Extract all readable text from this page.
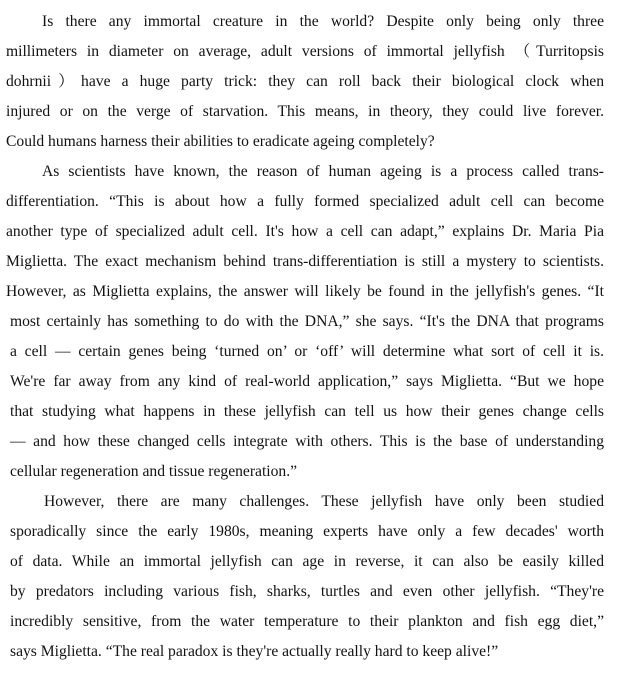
Is there any immortal creature in the world? Despite only being only three
millimeters in diameter on average, adult versions of immortal jellyfish （Turritopsis
dohrnii）have a huge party trick: they can roll back their biological clock when
injured or on the verge of starvation. This means, in theory, they could live forever.
Could humans harness their abilities to eradicate ageing completely?
As scientists have known, the reason of human ageing is a process called trans-
differentiation. “This is about how a fully formed specialized adult cell can become
another type of specialized adult cell. It's how a cell can adapt,” explains Dr. Maria Pia
Miglietta. The exact mechanism behind trans-differentiation is still a mystery to scientists.
However, as Miglietta explains, the answer will likely be found in the jellyfish's genes. “It
most certainly has something to do with the DNA,” she says. “It's the DNA that programs
a cell — certain genes being ‘turned on’ or ‘off’ will determine what sort of cell it is.
We're far away from any kind of real-world application,” says Miglietta. “But we hope
that studying what happens in these jellyfish can tell us how their genes change cells
— and how these changed cells integrate with others. This is the base of understanding
cellular regeneration and tissue regeneration.”
However, there are many challenges. These jellyfish have only been studied
sporadically since the early 1980s, meaning experts have only a few decades' worth
of data. While an immortal jellyfish can age in reverse, it can also be easily killed
by predators including various fish, sharks, turtles and even other jellyfish. “They're
incredibly sensitive, from the water temperature to their plankton and fish egg diet,”
says Miglietta. “The real paradox is they're actually really hard to keep alive!”
